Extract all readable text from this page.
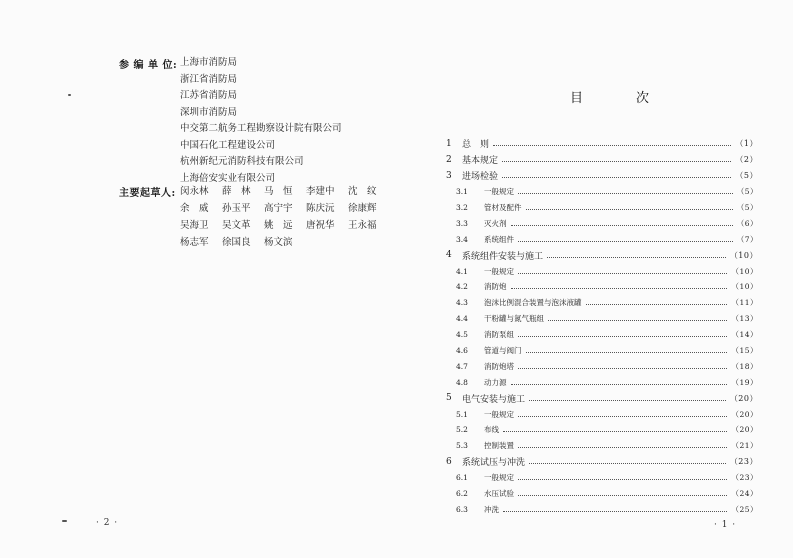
参 编 单 位: 上海市消防局
浙江省消防局
江苏省消防局
深圳市消防局
中交第二航务工程勘察设计院有限公司
中国石化工程建设公司
杭州新纪元消防科技有限公司
上海倍安实业有限公司
主要起草人: 闵永林	薛　林	马　恒	李建中	沈　纹
余　威	孙玉平	高宁宇	陈庆沅	徐康辉
吴海卫	吴文革	姚　远	唐祝华	王永福
杨志军	徐国良	杨文滨
· 2 ·
目　次
1	总　则	（1）
2	基本规定	（2）
3	进场检验	（5）
3.1	一般规定	（5）
3.2	管材及配件	（5）
3.3	灭火剂	（6）
3.4	系统组件	（7）
4	系统组件安装与施工	（10）
4.1	一般规定	（10）
4.2	消防炮	（10）
4.3	泡沫比例混合装置与泡沫液罐	（11）
4.4	干粉罐与氮气瓶组	（13）
4.5	消防泵组	（14）
4.6	管道与阀门	（15）
4.7	消防炮塔	（18）
4.8	动力源	（19）
5	电气安装与施工	（20）
5.1	一般规定	（20）
5.2	布线	（20）
5.3	控制装置	（21）
6	系统试压与冲洗	（23）
6.1	一般规定	（23）
6.2	水压试验	（24）
6.3	冲洗	（25）
· 1 ·
